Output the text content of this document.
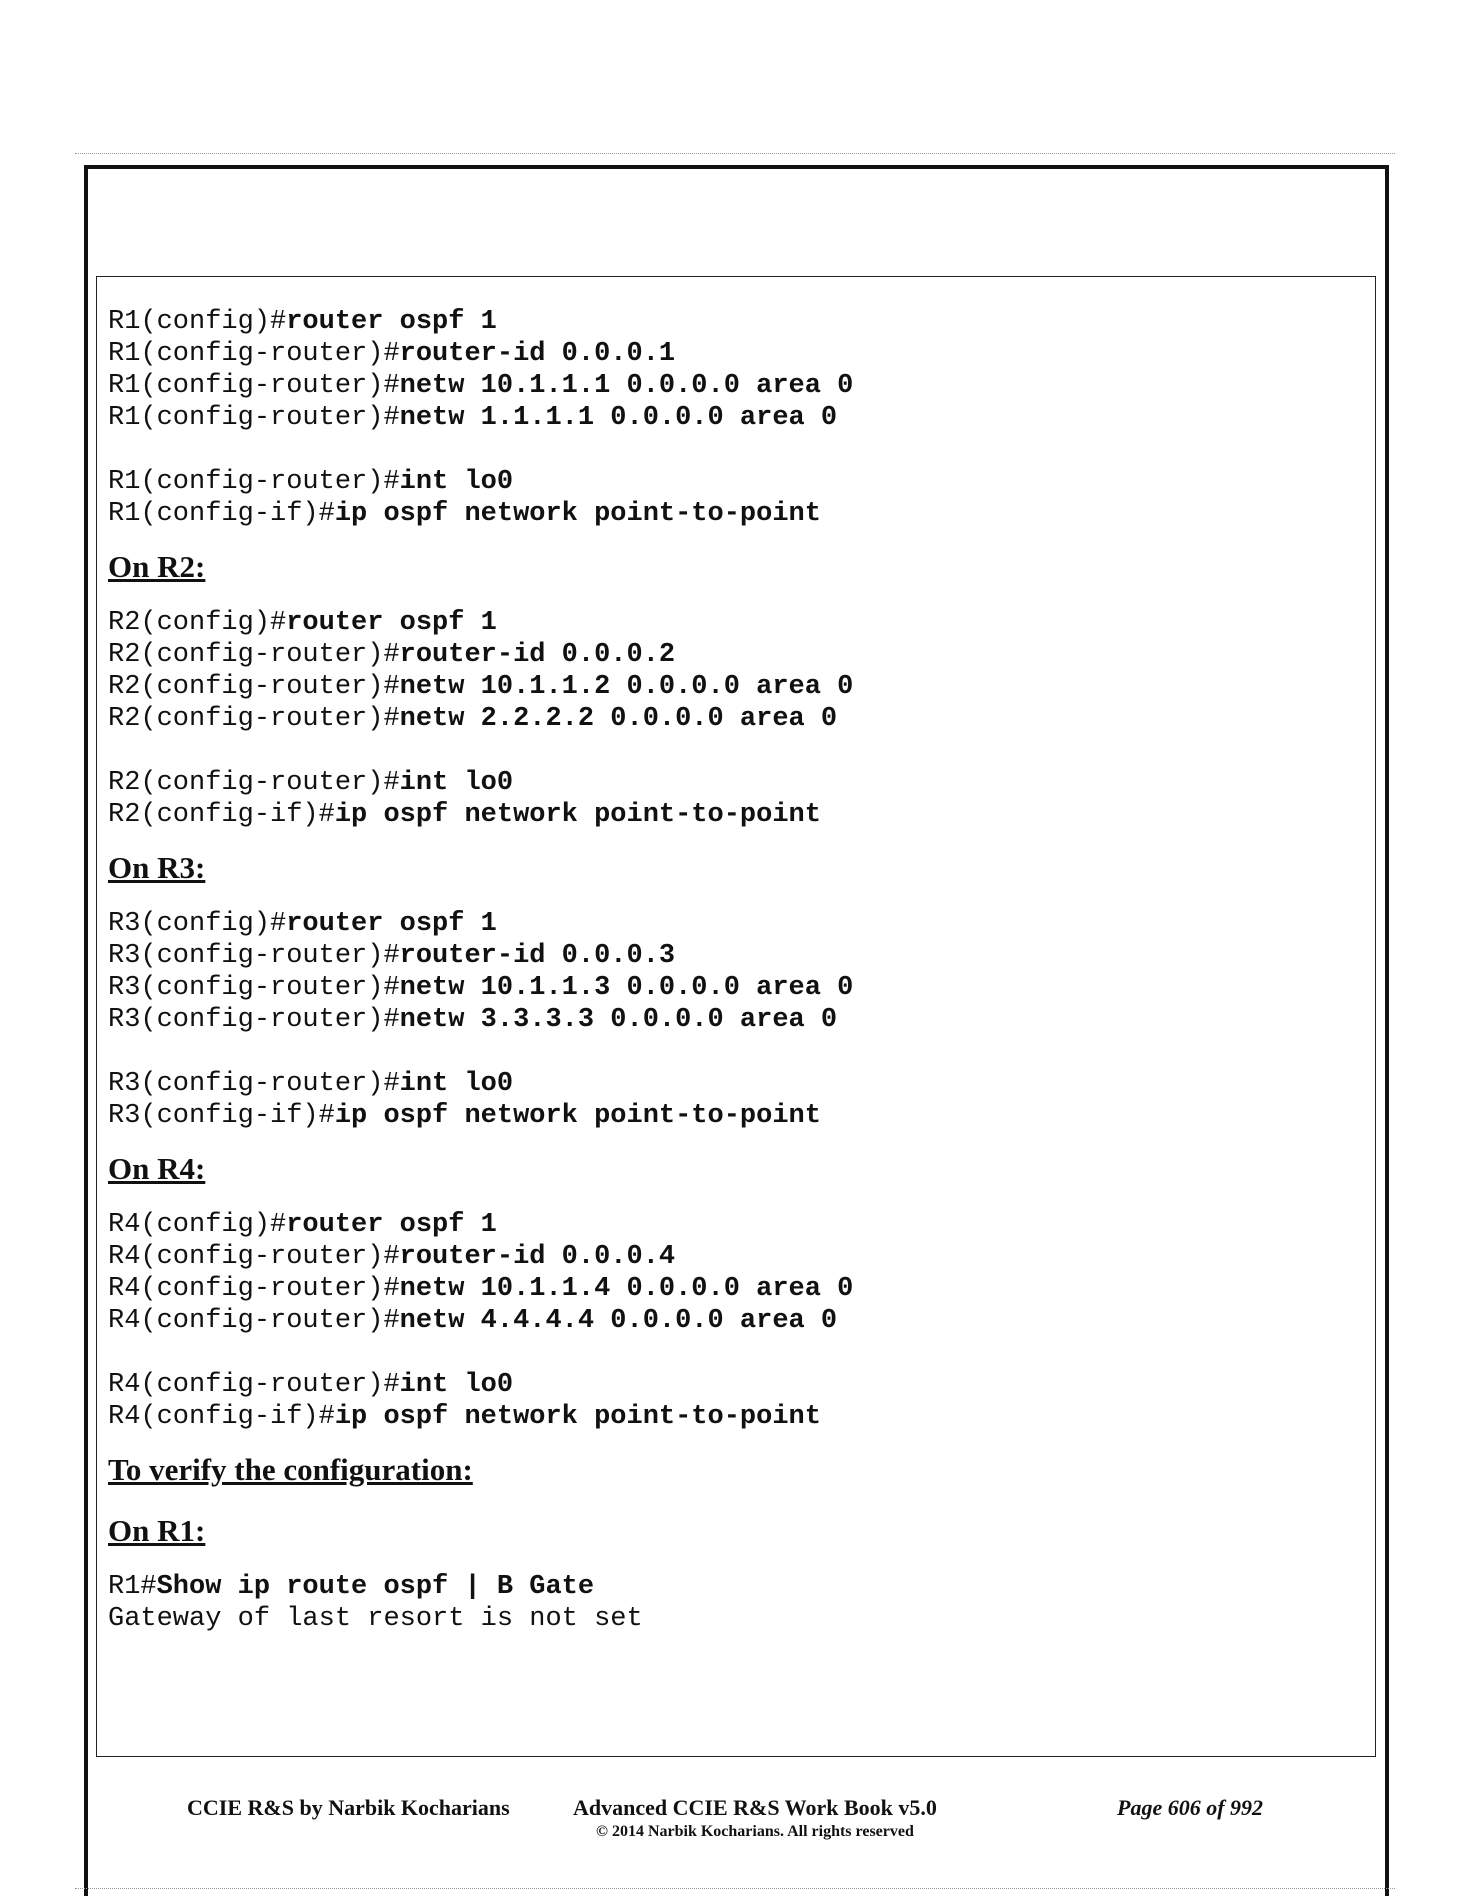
R1(config)#router ospf 1
R1(config-router)#router-id 0.0.0.1
R1(config-router)#netw 10.1.1.1 0.0.0.0 area 0
R1(config-router)#netw 1.1.1.1 0.0.0.0 area 0
R1(config-router)#int lo0
R1(config-if)#ip ospf network point-to-point
On R2:
R2(config)#router ospf 1
R2(config-router)#router-id 0.0.0.2
R2(config-router)#netw 10.1.1.2 0.0.0.0 area 0
R2(config-router)#netw 2.2.2.2 0.0.0.0 area 0
R2(config-router)#int lo0
R2(config-if)#ip ospf network point-to-point
On R3:
R3(config)#router ospf 1
R3(config-router)#router-id 0.0.0.3
R3(config-router)#netw 10.1.1.3 0.0.0.0 area 0
R3(config-router)#netw 3.3.3.3 0.0.0.0 area 0
R3(config-router)#int lo0
R3(config-if)#ip ospf network point-to-point
On R4:
R4(config)#router ospf 1
R4(config-router)#router-id 0.0.0.4
R4(config-router)#netw 10.1.1.4 0.0.0.0 area 0
R4(config-router)#netw 4.4.4.4 0.0.0.0 area 0
R4(config-router)#int lo0
R4(config-if)#ip ospf network point-to-point
To verify the configuration:
On R1:
R1#Show ip route ospf | B Gate
Gateway of last resort is not set
CCIE R&S by Narbik Kocharians	Advanced CCIE R&S Work Book v5.0
© 2014 Narbik Kocharians. All rights reserved
Page 606 of 992
